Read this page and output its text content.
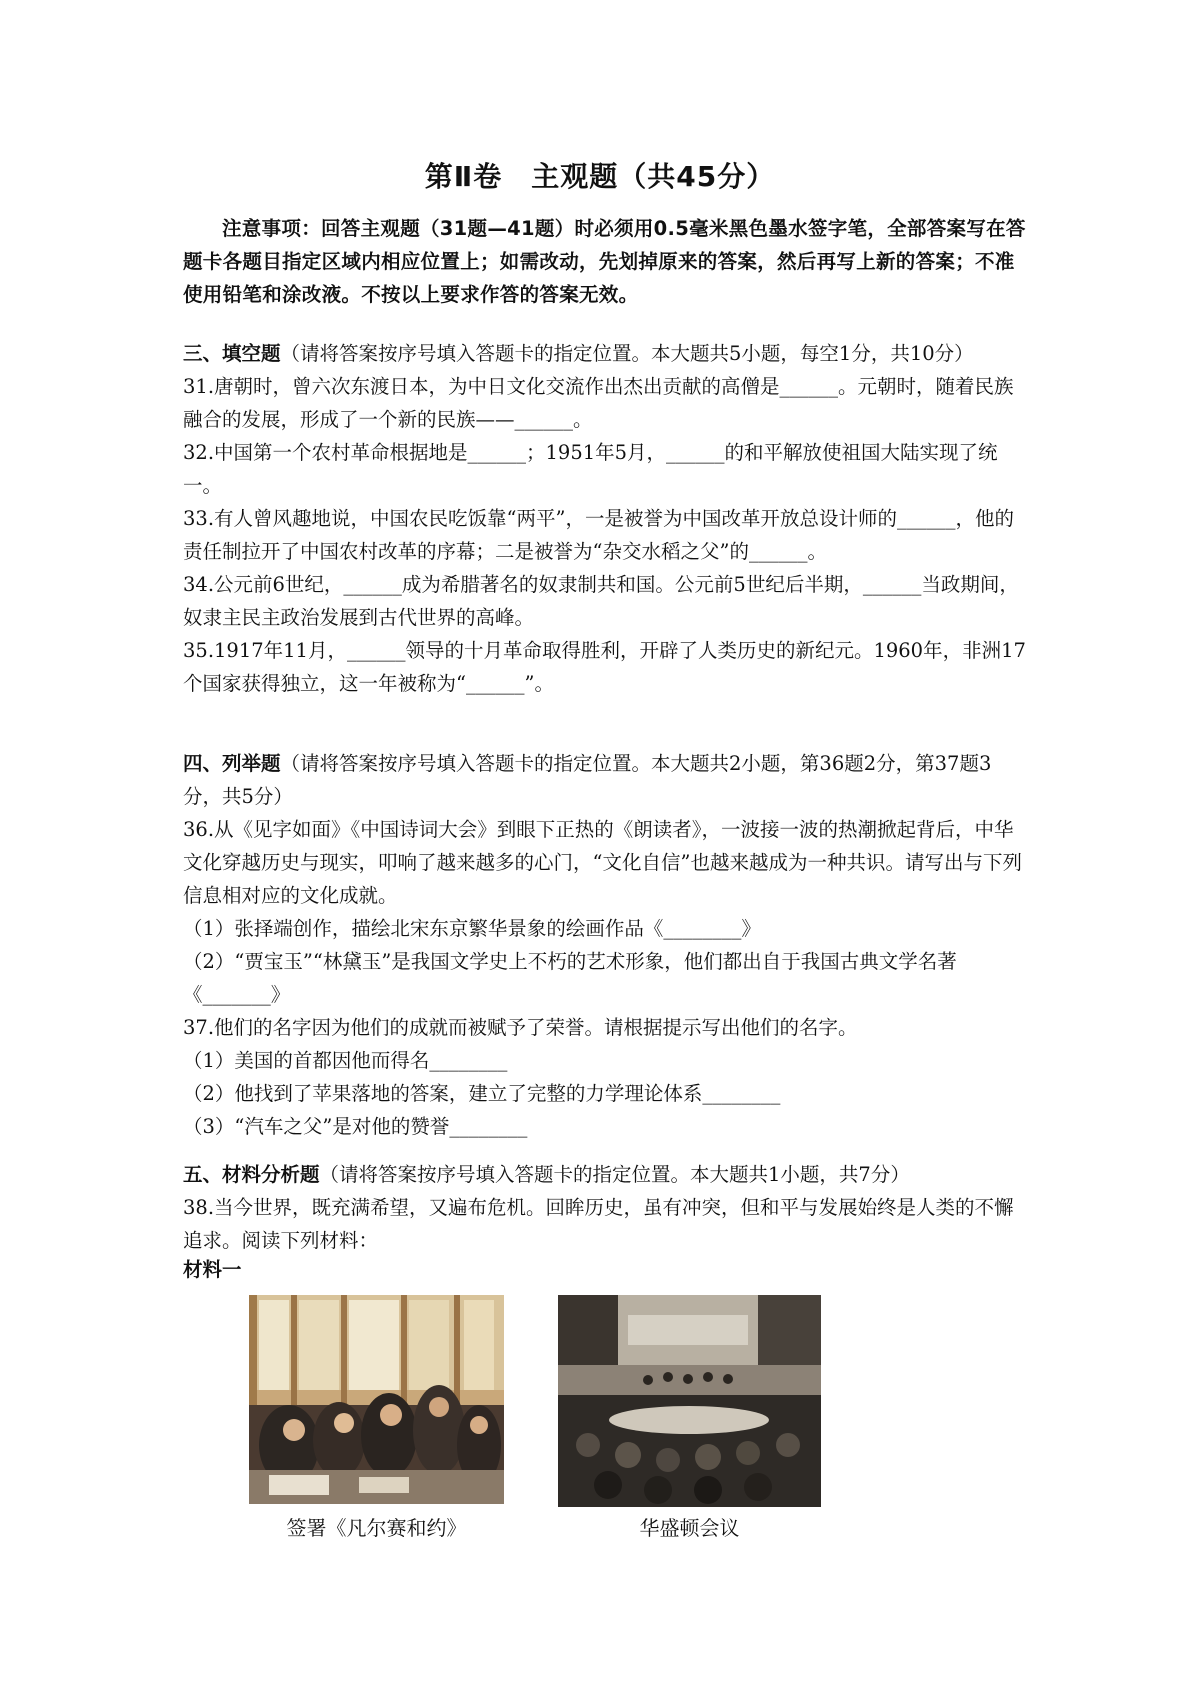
第Ⅱ卷　主观题（共45分）

注意事项：回答主观题（31题—41题）时必须用0.5毫米黑色墨水签字笔，全部答案写在答题卡各题目指定区域内相应位置上；如需改动，先划掉原来的答案，然后再写上新的答案；不准使用铅笔和涂改液。不按以上要求作答的答案无效。

三、填空题（请将答案按序号填入答题卡的指定位置。本大题共5小题，每空1分，共10分）

31.唐朝时，曾六次东渡日本，为中日文化交流作出杰出贡献的高僧是______。元朝时，随着民族融合的发展，形成了一个新的民族——______。

32.中国第一个农村革命根据地是______；1951年5月，______的和平解放使祖国大陆实现了统一。

33.有人曾风趣地说，中国农民吃饭靠“两平”，一是被誉为中国改革开放总设计师的______，他的责任制拉开了中国农村改革的序幕；二是被誉为“杂交水稻之父”的______。

34.公元前6世纪，______成为希腊著名的奴隶制共和国。公元前5世纪后半期，______当政期间，奴隶主民主政治发展到古代世界的高峰。

35.1917年11月，______领导的十月革命取得胜利，开辟了人类历史的新纪元。1960年，非洲17个国家获得独立，这一年被称为“______”。

四、列举题（请将答案按序号填入答题卡的指定位置。本大题共2小题，第36题2分，第37题3分，共5分）

36.从《见字如面》《中国诗词大会》到眼下正热的《朗读者》，一波接一波的热潮掀起背后，中华文化穿越历史与现实，叩响了越来越多的心门，“文化自信”也越来越成为一种共识。请写出与下列信息相对应的文化成就。

（1）张择端创作，描绘北宋东京繁华景象的绘画作品《________》

（2）“贾宝玉”“林黛玉”是我国文学史上不朽的艺术形象，他们都出自于我国古典文学名著《_______》

37.他们的名字因为他们的成就而被赋予了荣誉。请根据提示写出他们的名字。

（1）美国的首都因他而得名________

（2）他找到了苹果落地的答案，建立了完整的力学理论体系________

（3）“汽车之父”是对他的赞誉________

五、材料分析题（请将答案按序号填入答题卡的指定位置。本大题共1小题，共7分）

38.当今世界，既充满希望，又遍布危机。回眸历史，虽有冲突，但和平与发展始终是人类的不懈追求。阅读下列材料：

材料一
签署《凡尔赛和约》	华盛顿会议
